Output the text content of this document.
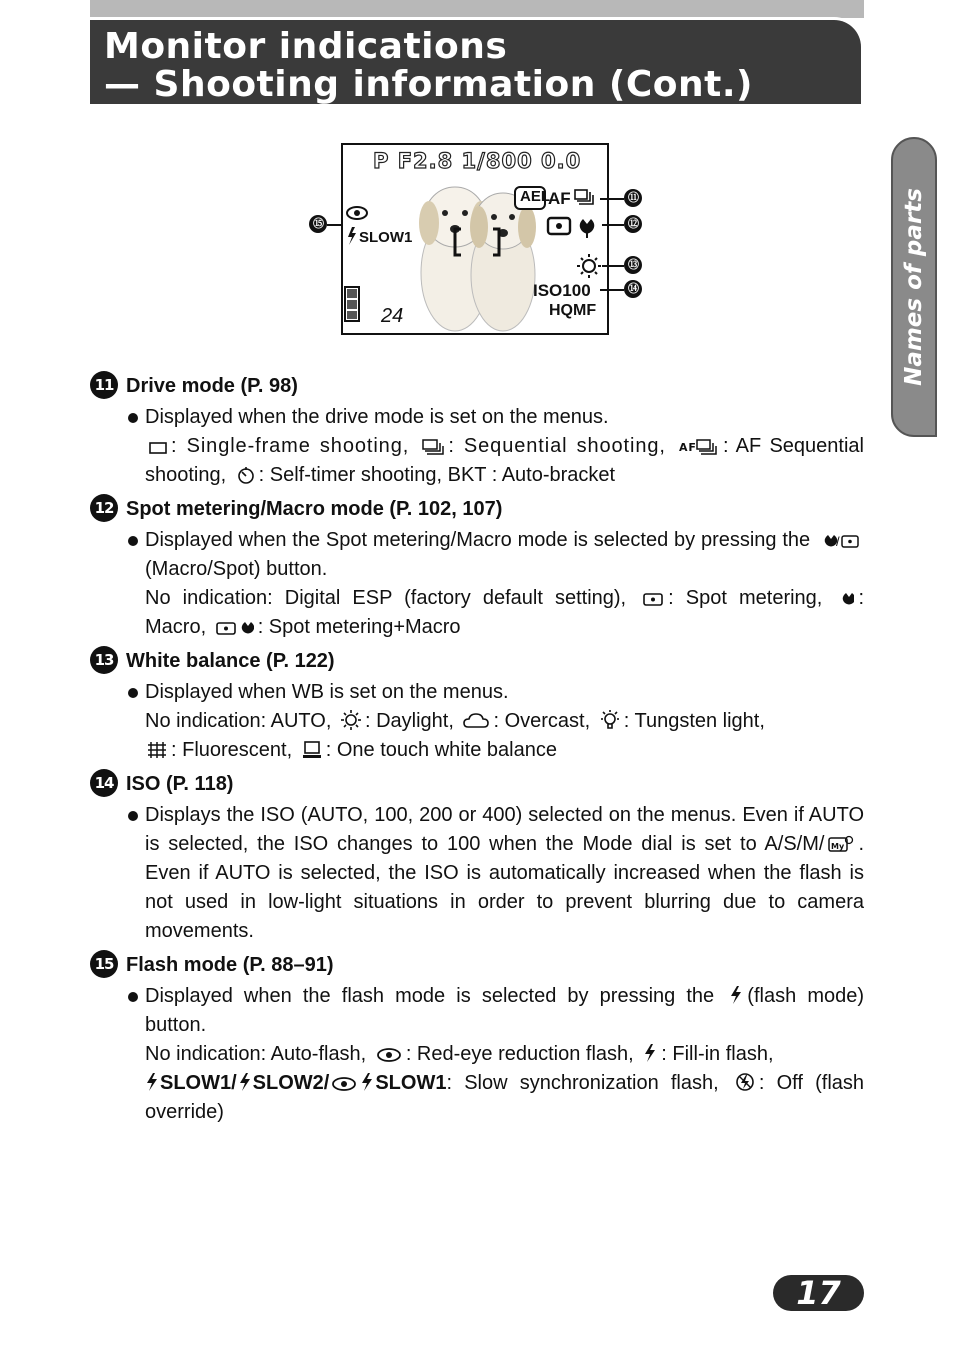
Monitor indications
— Shooting information (Cont.)
Names of parts
P F2.8 1/800 0.0
AEL
AF
SLOW1
ISO100
HQMF
24
⑪
⑫
⑬
⑭
⑮
11 Drive mode (P. 98)

Displayed when the drive mode is set on the menus.

: Single-frame shooting, : Sequential shooting, AF : AF Sequential shooting, : Self-timer shooting, BKT : Auto-bracket

12 Spot metering/Macro mode (P. 102, 107)

Displayed when the Spot metering/Macro mode is selected by pressing the /
(Macro/Spot) button.

No indication: Digital ESP (factory default setting), : Spot metering, : Macro,	: Spot metering+Macro

13 White balance (P. 122)

Displayed when WB is set on the menus.

No indication: AUTO, : Daylight, : Overcast, : Tungsten light,

: Fluorescent, : One touch white balance

14 ISO (P. 118)

Displays the ISO (AUTO, 100, 200 or 400) selected on the menus. Even if AUTO is selected, the ISO changes to 100 when the Mode dial is set to A/S/M/ My . Even if AUTO is selected, the ISO is automatically increased when the flash is not used in low-light situations in order to prevent blurring due to camera movements.

15 Flash mode (P. 88–91)

Displayed when the flash mode is selected by pressing the (flash mode) button.

No indication: Auto-flash, : Red-eye reduction flash, : Fill-in flash,

SLOW1/ SLOW2/ SLOW1: Slow synchronization flash, : Off (flash override)

17
